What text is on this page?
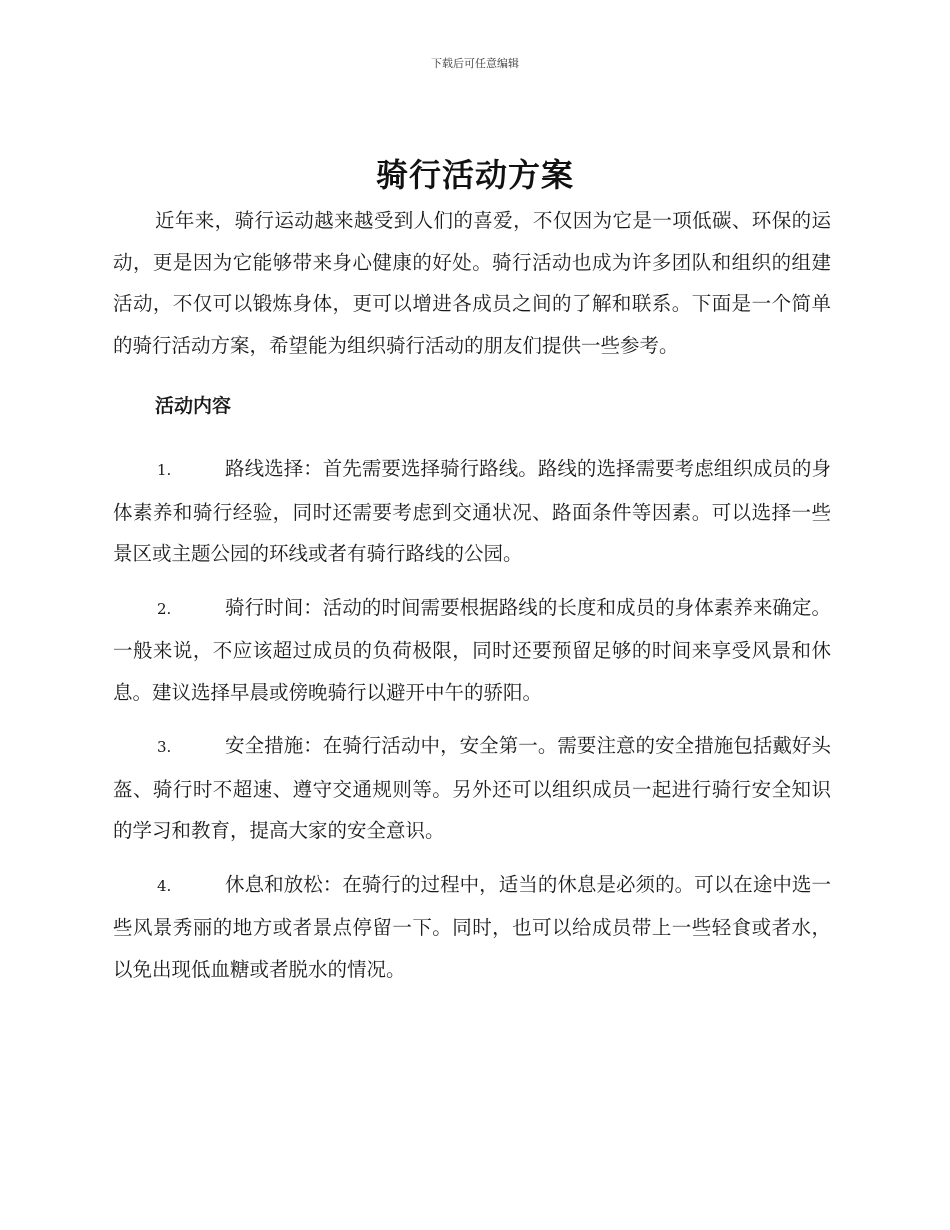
下载后可任意编辑
骑行活动方案

近年来，骑行运动越来越受到人们的喜爱，不仅因为它是一项低碳、环保的运动，更是因为它能够带来身心健康的好处。骑行活动也成为许多团队和组织的组建活动，不仅可以锻炼身体，更可以增进各成员之间的了解和联系。下面是一个简单的骑行活动方案，希望能为组织骑行活动的朋友们提供一些参考。

活动内容

1.	路线选择：首先需要选择骑行路线。路线的选择需要考虑组织成员的身体素养和骑行经验，同时还需要考虑到交通状况、路面条件等因素。可以选择一些景区或主题公园的环线或者有骑行路线的公园。

2.	骑行时间：活动的时间需要根据路线的长度和成员的身体素养来确定。一般来说，不应该超过成员的负荷极限，同时还要预留足够的时间来享受风景和休息。建议选择早晨或傍晚骑行以避开中午的骄阳。

3.	安全措施：在骑行活动中，安全第一。需要注意的安全措施包括戴好头盔、骑行时不超速、遵守交通规则等。另外还可以组织成员一起进行骑行安全知识的学习和教育，提高大家的安全意识。

4.	休息和放松：在骑行的过程中，适当的休息是必须的。可以在途中选一些风景秀丽的地方或者景点停留一下。同时，也可以给成员带上一些轻食或者水，以免出现低血糖或者脱水的情况。
